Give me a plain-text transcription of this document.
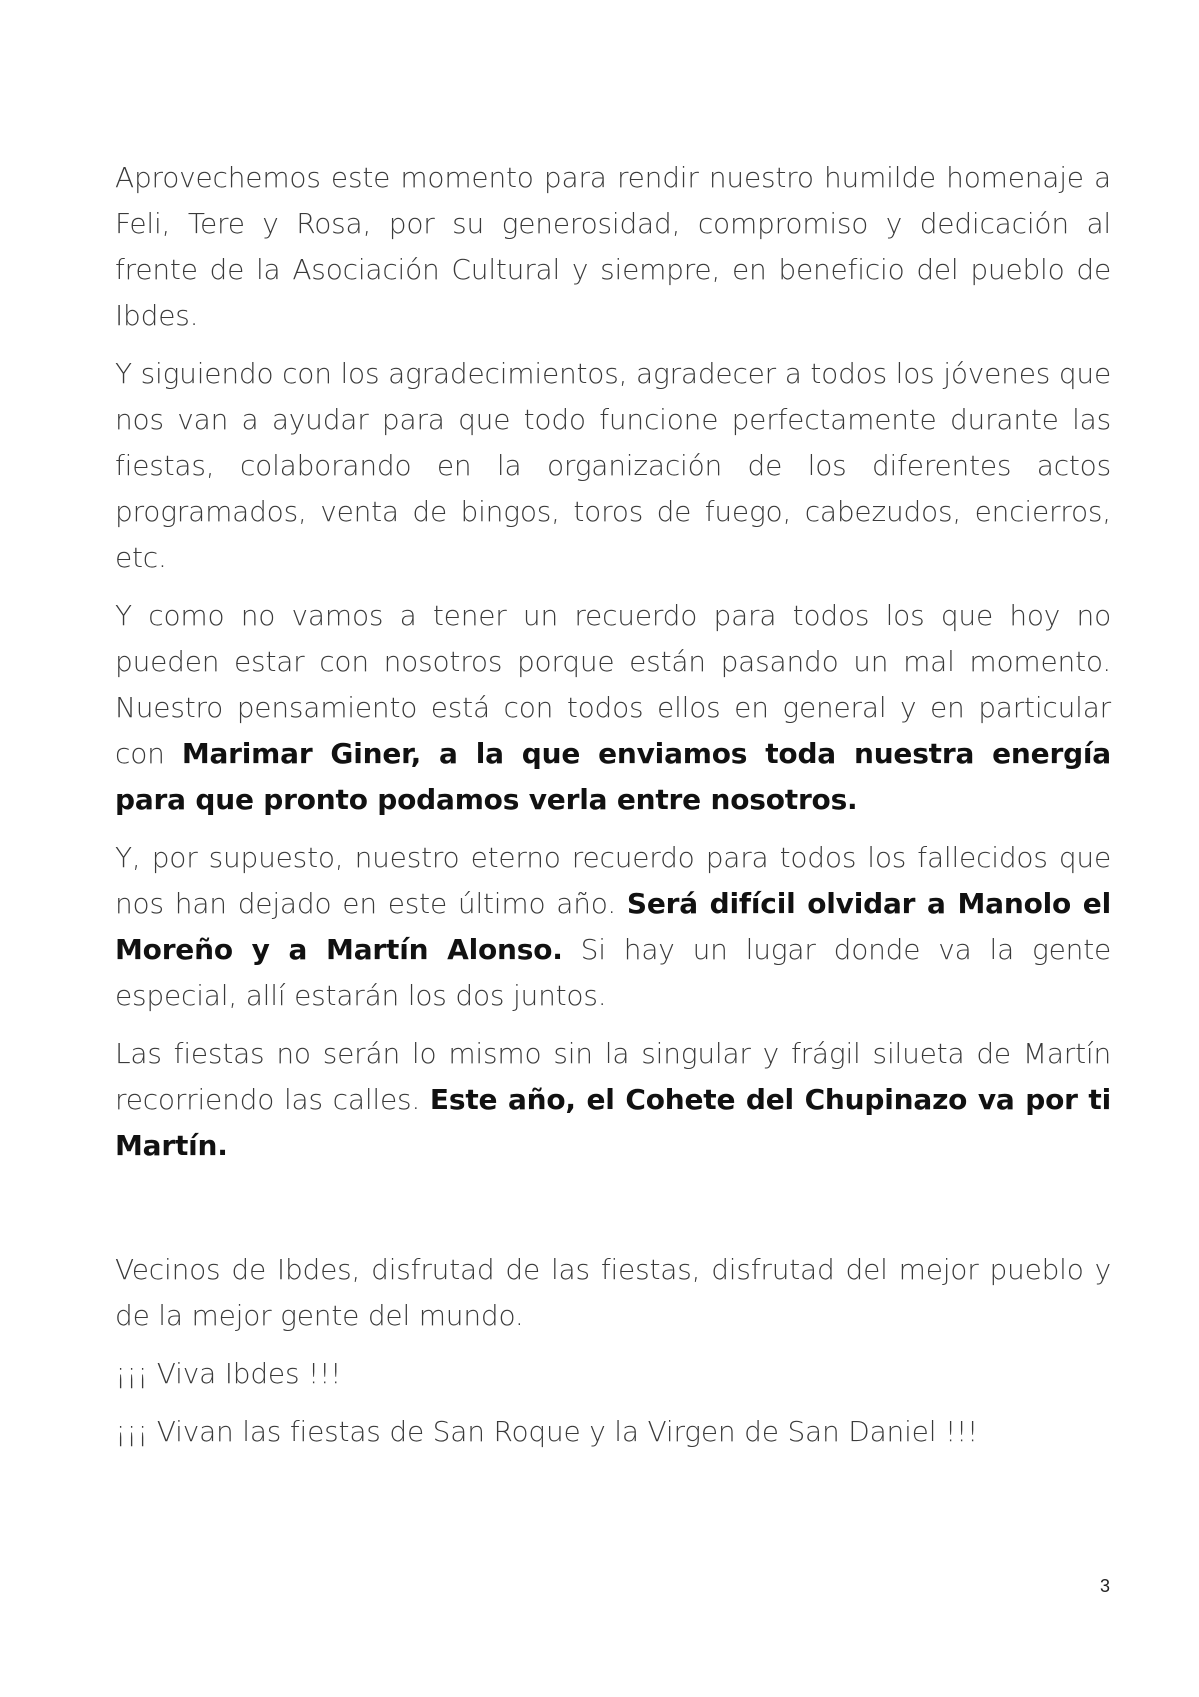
Aprovechemos este momento para rendir nuestro humilde homenaje a Feli, Tere y Rosa, por su generosidad, compromiso y dedicación al frente de la Asociación Cultural y siempre, en beneficio del pueblo de Ibdes.

Y siguiendo con los agradecimientos, agradecer a todos los jóvenes que nos van a ayudar para que todo funcione perfectamente durante las fiestas, colaborando en la organización de los diferentes actos programados, venta de bingos, toros de fuego, cabezudos, encierros, etc.

Y como no vamos a tener un recuerdo para todos los que hoy no pueden estar con nosotros porque están pasando un mal momento. Nuestro pensamiento está con todos ellos en general y en particular con Marimar Giner, a la que enviamos toda nuestra energía para que pronto podamos verla entre nosotros.

Y, por supuesto, nuestro eterno recuerdo para todos los fallecidos que nos han dejado en este último año. Será difícil olvidar a Manolo el Moreño y a Martín Alonso. Si hay un lugar donde va la gente especial, allí estarán los dos juntos.

Las fiestas no serán lo mismo sin la singular y frágil silueta de Martín recorriendo las calles. Este año, el Cohete del Chupinazo va por ti Martín.

Vecinos de Ibdes, disfrutad de las fiestas, disfrutad del mejor pueblo y de la mejor gente del mundo.

¡¡¡ Viva Ibdes !!!

¡¡¡ Vivan las fiestas de San Roque y la Virgen de San Daniel !!!

3
